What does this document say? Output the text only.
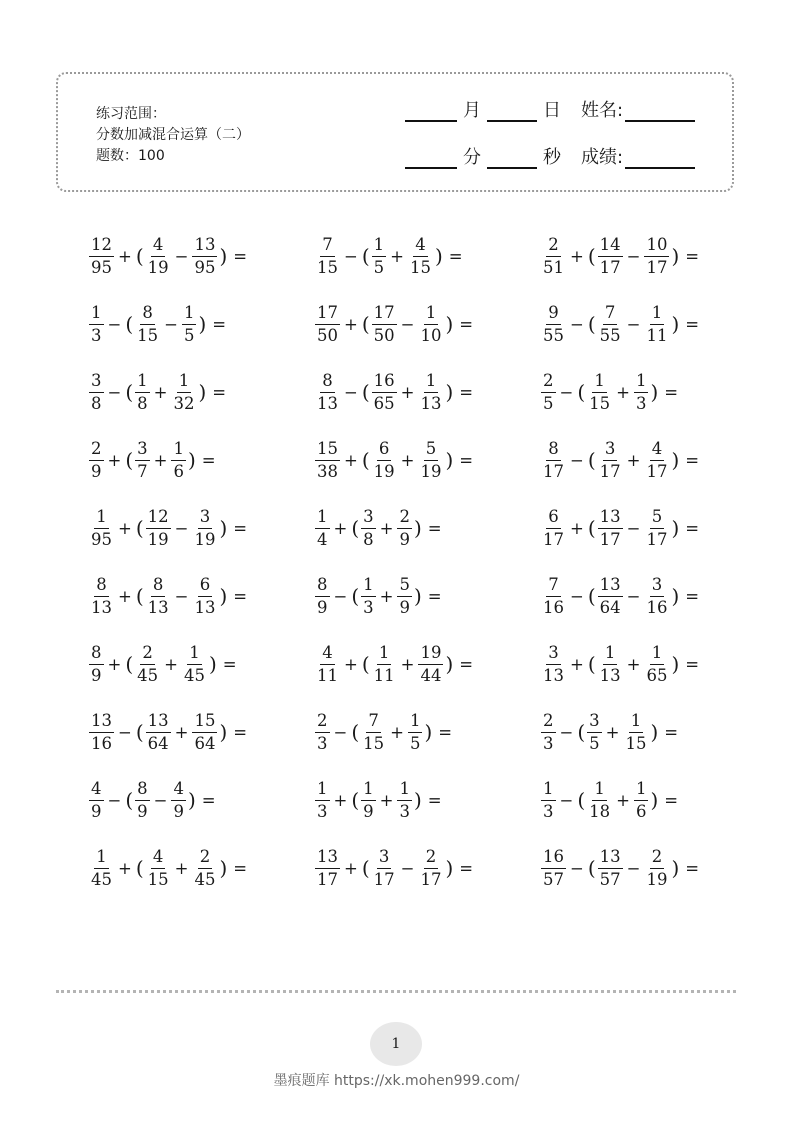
练习范围：
分数加减混合运算（二）
题数：100
月	日 姓名:
分	秒 成绩:
$\frac{12}{95}$ + ( $\frac{4}{19} - \frac{13}{95}$ ) =	$\frac{7}{15}$ − ( $\frac{1}{5} + \frac{4}{15}$ ) =	$\frac{2}{51}$ + ( $\frac{14}{17} - \frac{10}{17}$ ) =
$\frac{1}{3}$ − ( $\frac{8}{15} - \frac{1}{5}$ ) =	$\frac{17}{50}$ + ( $\frac{17}{50} - \frac{1}{10}$ ) =	$\frac{9}{55}$ − ( $\frac{7}{55} - \frac{1}{11}$ ) =
$\frac{3}{8}$ − ( $\frac{1}{8} + \frac{1}{32}$ ) =	$\frac{8}{13}$ − ( $\frac{16}{65} + \frac{1}{13}$ ) =	$\frac{2}{5}$ − ( $\frac{1}{15} + \frac{1}{3}$ ) =
$\frac{2}{9}$ + ( $\frac{3}{7} + \frac{1}{6}$ ) =	$\frac{15}{38}$ + ( $\frac{6}{19} + \frac{5}{19}$ ) =	$\frac{8}{17}$ − ( $\frac{3}{17} + \frac{4}{17}$ ) =
$\frac{1}{95}$ + ( $\frac{12}{19} - \frac{3}{19}$ ) =	$\frac{1}{4}$ + ( $\frac{3}{8} + \frac{2}{9}$ ) =	$\frac{6}{17}$ + ( $\frac{13}{17} - \frac{5}{17}$ ) =
$\frac{8}{13}$ + ( $\frac{8}{13} - \frac{6}{13}$ ) =	$\frac{8}{9}$ − ( $\frac{1}{3} + \frac{5}{9}$ ) =	$\frac{7}{16}$ − ( $\frac{13}{64} - \frac{3}{16}$ ) =
$\frac{8}{9}$ + ( $\frac{2}{45} + \frac{1}{45}$ ) =	$\frac{4}{11}$ + ( $\frac{1}{11} + \frac{19}{44}$ ) =	$\frac{3}{13}$ + ( $\frac{1}{13} + \frac{1}{65}$ ) =
$\frac{13}{16}$ − ( $\frac{13}{64} + \frac{15}{64}$ ) =	$\frac{2}{3}$ − ( $\frac{7}{15} + \frac{1}{5}$ ) =	$\frac{2}{3}$ − ( $\frac{3}{5} + \frac{1}{15}$ ) =
$\frac{4}{9}$ − ( $\frac{8}{9} - \frac{4}{9}$ ) =	$\frac{1}{3}$ + ( $\frac{1}{9} + \frac{1}{3}$ ) =	$\frac{1}{3}$ − ( $\frac{1}{18} + \frac{1}{6}$ ) =
$\frac{1}{45}$ + ( $\frac{4}{15} + \frac{2}{45}$ ) =	$\frac{13}{17}$ + ( $\frac{3}{17} - \frac{2}{17}$ ) =	$\frac{16}{57}$ − ( $\frac{13}{57} - \frac{2}{19}$ ) =
1
墨痕题库 https://xk.mohen999.com/
